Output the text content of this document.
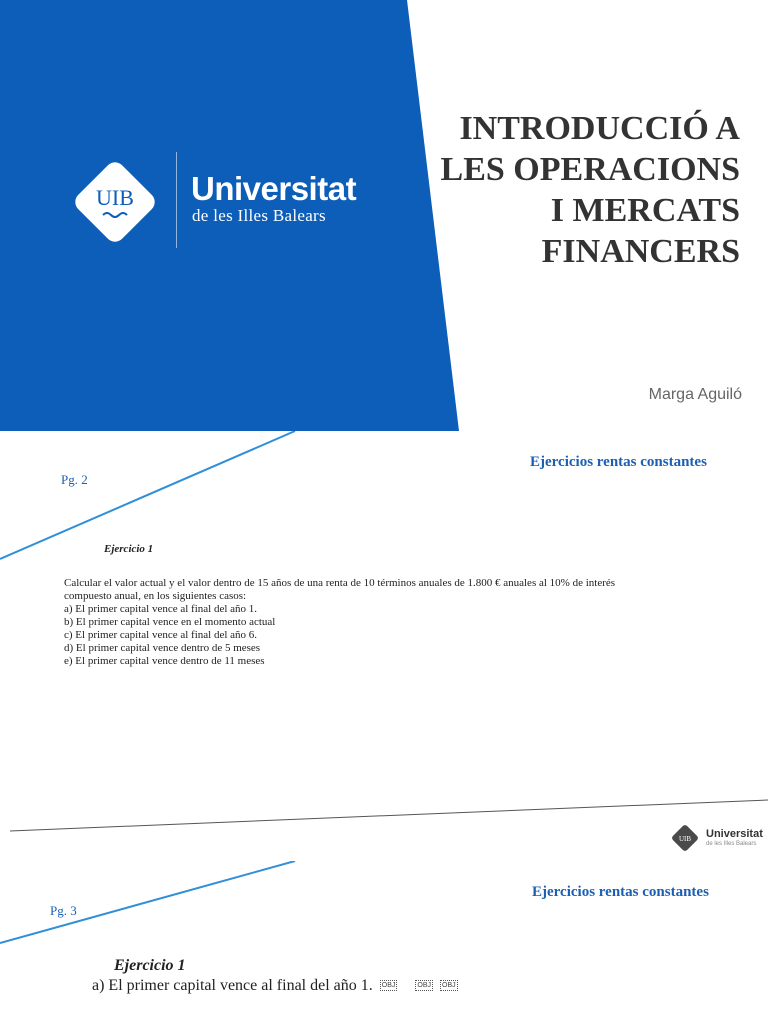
UIB Universitat
de les Illes Balears
INTRODUCCIÓ A
LES OPERACIONS
I MERCATS
FINANCERS
Marga Aguiló
Pg. 2
Ejercicios rentas constantes
Ejercicio 1
Calcular el valor actual y el valor dentro de 15 años de una renta de 10 términos anuales de 1.800 € anuales al 10% de interés
compuesto anual, en los siguientes casos:
a) El primer capital vence al final del año 1.
b) El primer capital vence en el momento actual
c) El primer capital vence al final del año 6.
d) El primer capital vence dentro de 5 meses
e) El primer capital vence dentro de 11 meses
UIB Universitat
de les Illes Balears
Pg. 3
Ejercicios rentas constantes
Ejercicio 1
a) El primer capital vence al final del año 1. OBJ	OBJ OBJ
